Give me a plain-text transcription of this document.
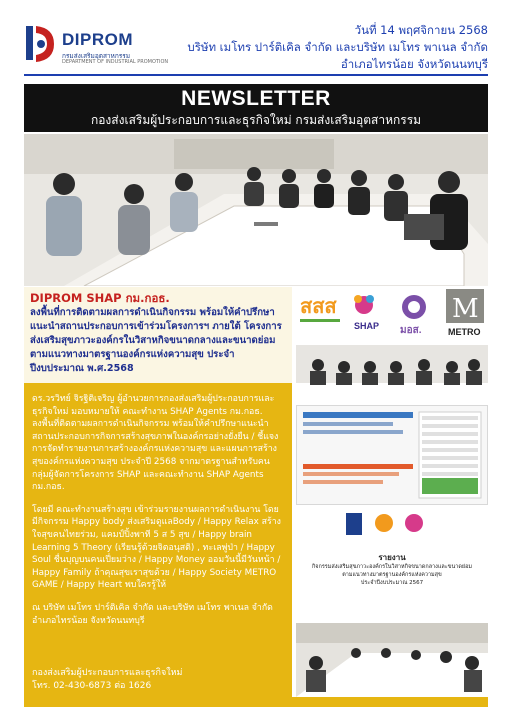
DIPROM
กรมส่งเสริมอุตสาหกรรม
DEPARTMENT OF INDUSTRIAL PROMOTION
วันที่ 14 พฤศจิกายน 2568
บริษัท เมโทร ปาร์ติเคิล จำกัด และบริษัท เมโทร พาเนล จำกัด
อำเภอไทรน้อย จังหวัดนนทบุรี
NEWSLETTER
กองส่งเสริมผู้ประกอบการและธุรกิจใหม่ กรมส่งเสริมอุตสาหกรรม
DIPROM SHAP กม.กอธ.
ลงพื้นที่การติดตามผลการดำเนินกิจกรรม พร้อมให้คำปรึกษาแนะนำสถานประกอบการเข้าร่วมโครงการฯ ภายใต้ โครงการส่งเสริมสุขภาวะองค์กรในวิสาหกิจขนาดกลางและขนาดย่อม ตามแนวทางมาตรฐานองค์กรแห่งความสุข ประจำปีงบประมาณ พ.ศ.2568

ดร.วรวิทย์ จิรฐิติเจริญ ผู้อำนวยการกองส่งเสริมผู้ประกอบการและธุรกิจใหม่ มอบหมายให้ คณะทำงาน SHAP Agents กม.กอธ. ลงพื้นที่ติดตามผลการดำเนินกิจกรรม พร้อมให้คำปรึกษาแนะนำสถานประกอบการกิจการสร้างสุขภาพในองค์กรอย่างยั่งยืน / ชี้แจงการจัดทำรายงานการสร้างองค์กรแห่งความสุข และแผนการสร้างสุของค์กรแห่งความสุข ประจำปี 2568 จากมาตรฐานสำหรับคนกลุ่มผู้จัดการโครงการ SHAP และคณะทำงาน SHAP Agents กม.กอธ.

โดยมี คณะทำงานสร้างสุข เข้าร่วมรายงานผลการดำเนินงาน โดยมีกิจกรรม Happy body ส่งเสริมดูแลBody / Happy Relax สร้างใจสุขคนไทยร่วม, แคมป์ปิ้งพาที 5 ส 5 สุข / Happy brain Learning 5 Theory (เรียนรู้ด้วยจิตอนุสติ) , ทะเลพู่ป่า / Happy Soul ชื่นบุญบนคนเปี่ยมว่าง / Happy Money ออมวันนี้มีวันหน้า / Happy Family ถ้าคุณสุขเราสุขด้วย / Happy Society METRO GAME / Happy Heart พบใครรู้ให้

ณ บริษัท เมโทร ปาร์ติเคิล จำกัด และบริษัท เมโทร พาเนล จำกัด อำเภอไทรน้อย จังหวัดนนทบุรี

กองส่งเสริมผู้ประกอบการและธุรกิจใหม่
โทร. 02-430-6873 ต่อ 1626
สสส
SHAP มอส.
M
METRO
รายงาน
กิจกรรมส่งเสริมสุขภาวะองค์กรในวิสาหกิจขนาดกลางและขนาดย่อม
ตามแนวทางมาตรฐานองค์กรแห่งความสุข
ประจำปีงบประมาณ 2567
